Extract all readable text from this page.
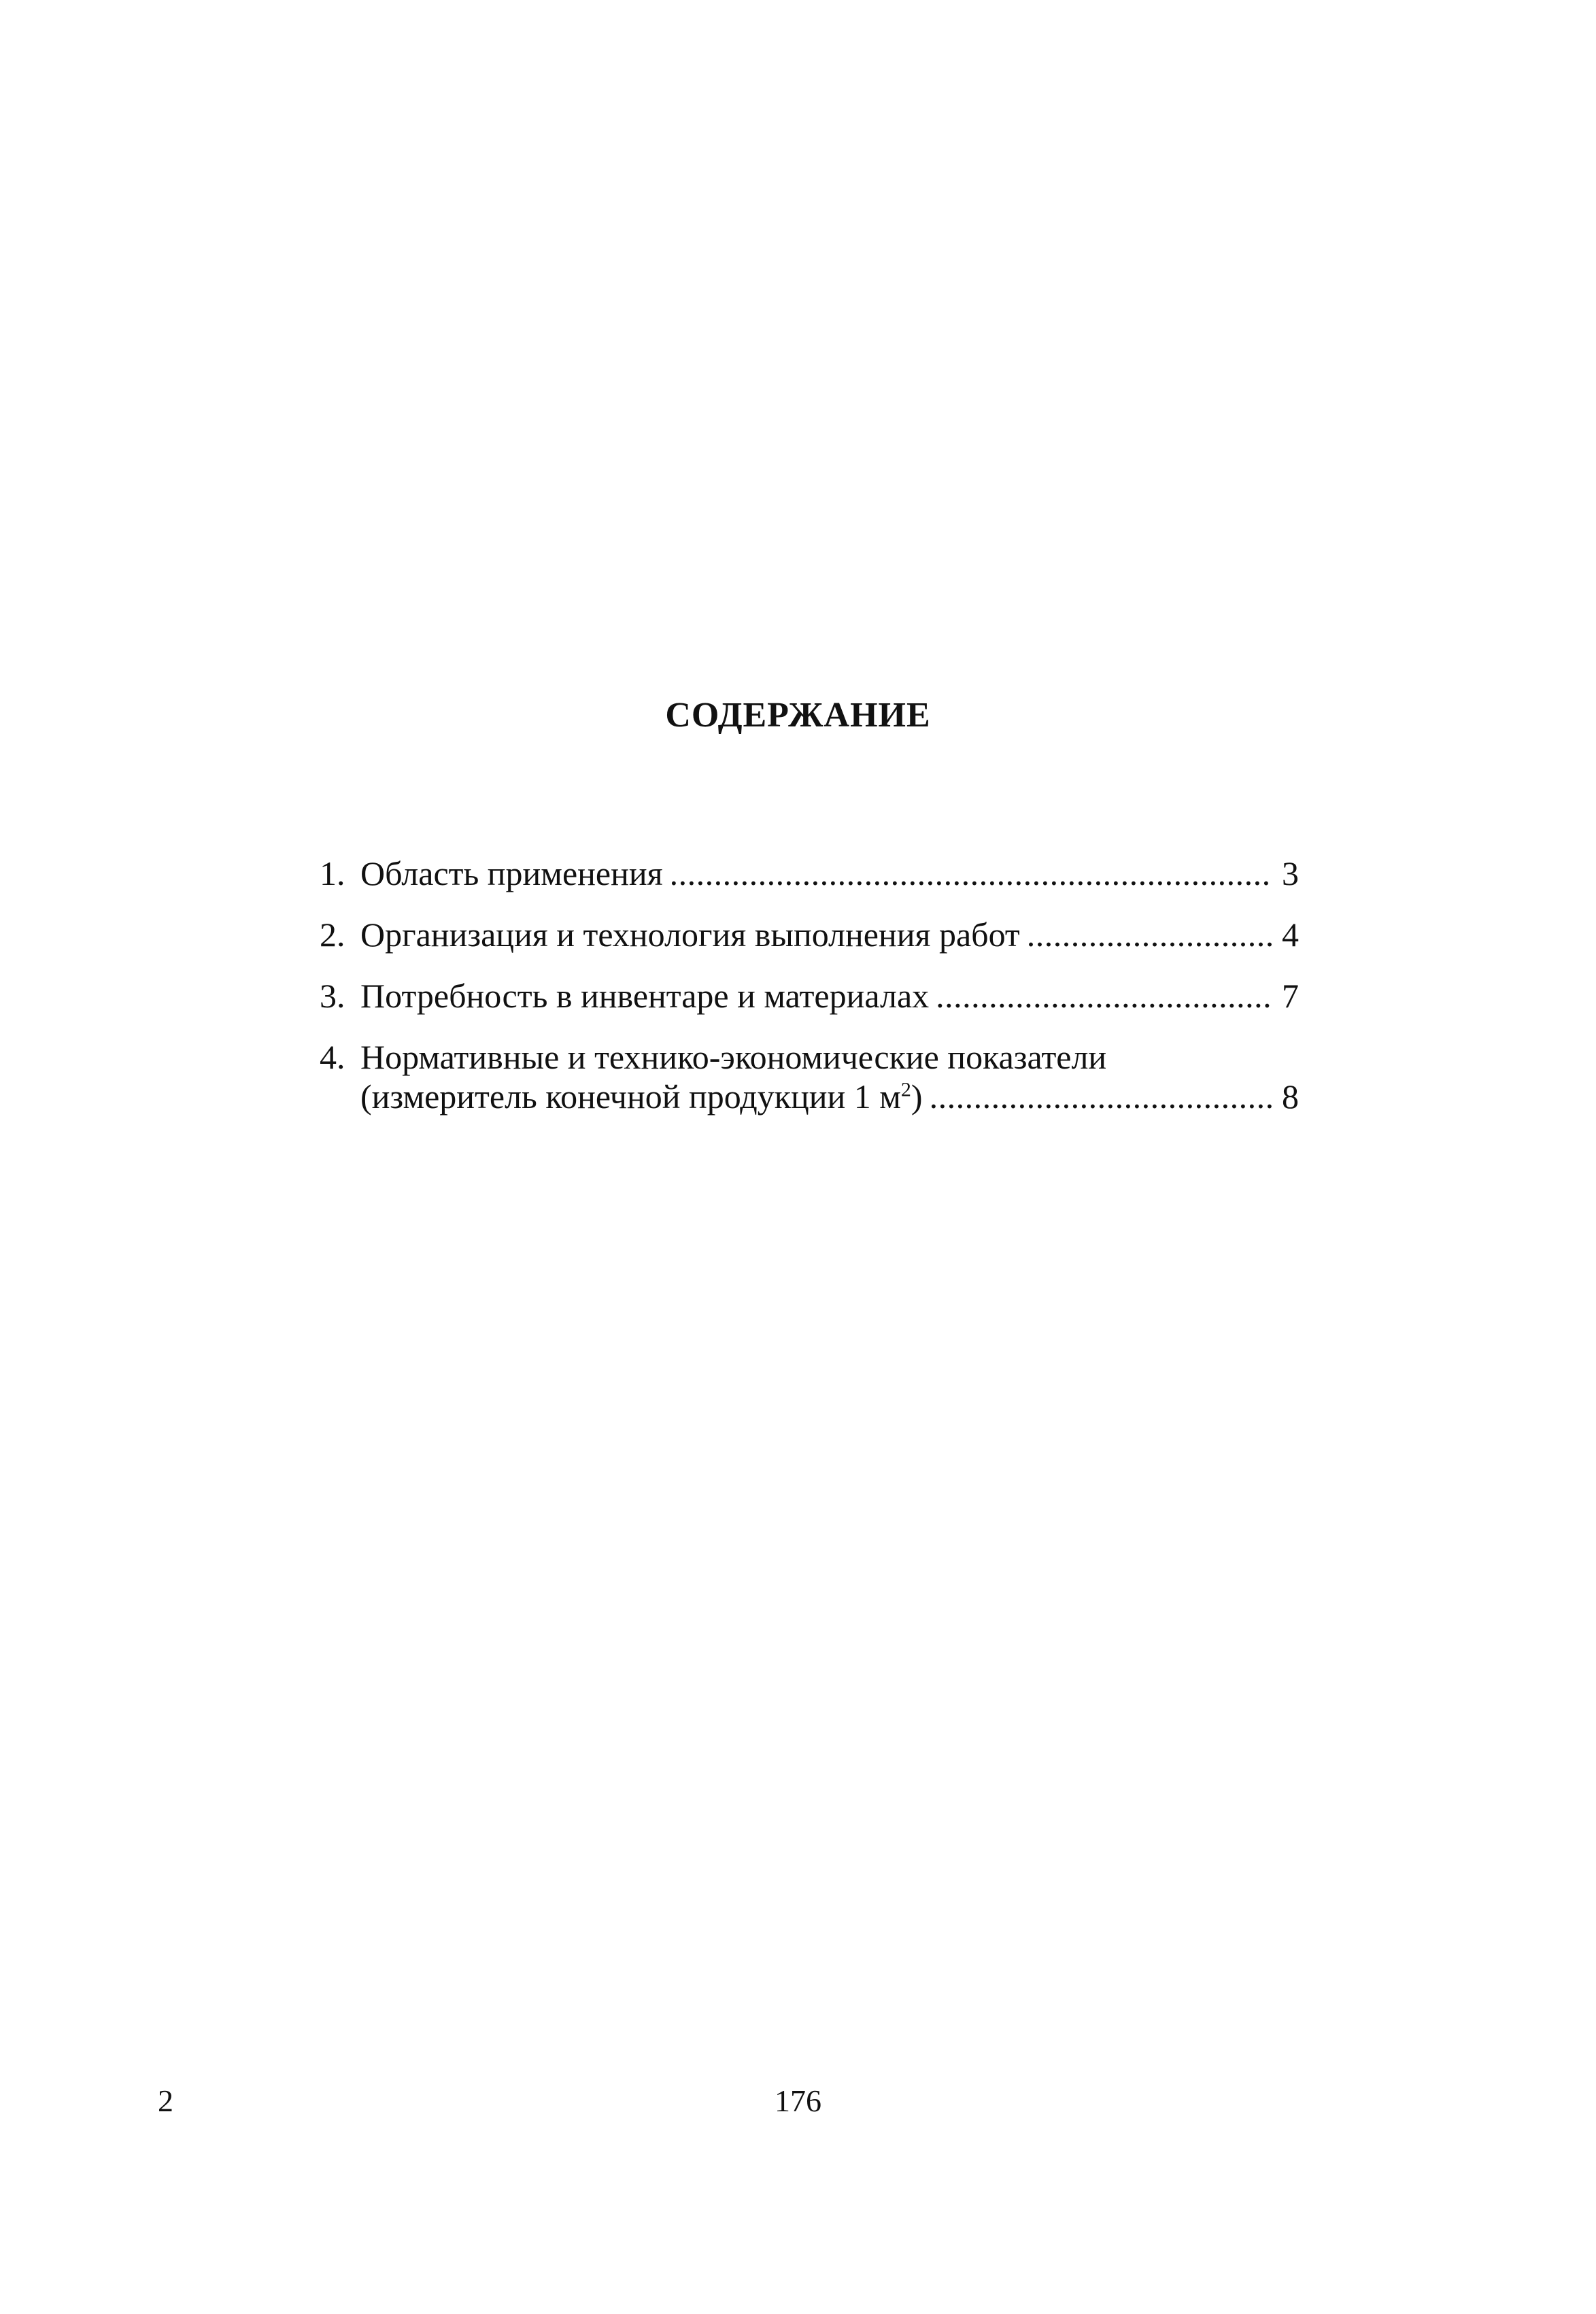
СОДЕРЖАНИЕ
1. Область применения . . .	3
2. Организация и технология выполнения работ . . .	4
3. Потребность в инвентаре и материалах . . .	7
4. Нормативные и технико-экономические показатели
(измеритель конечной продукции 1 $м^2$) . . .	8
2	176
